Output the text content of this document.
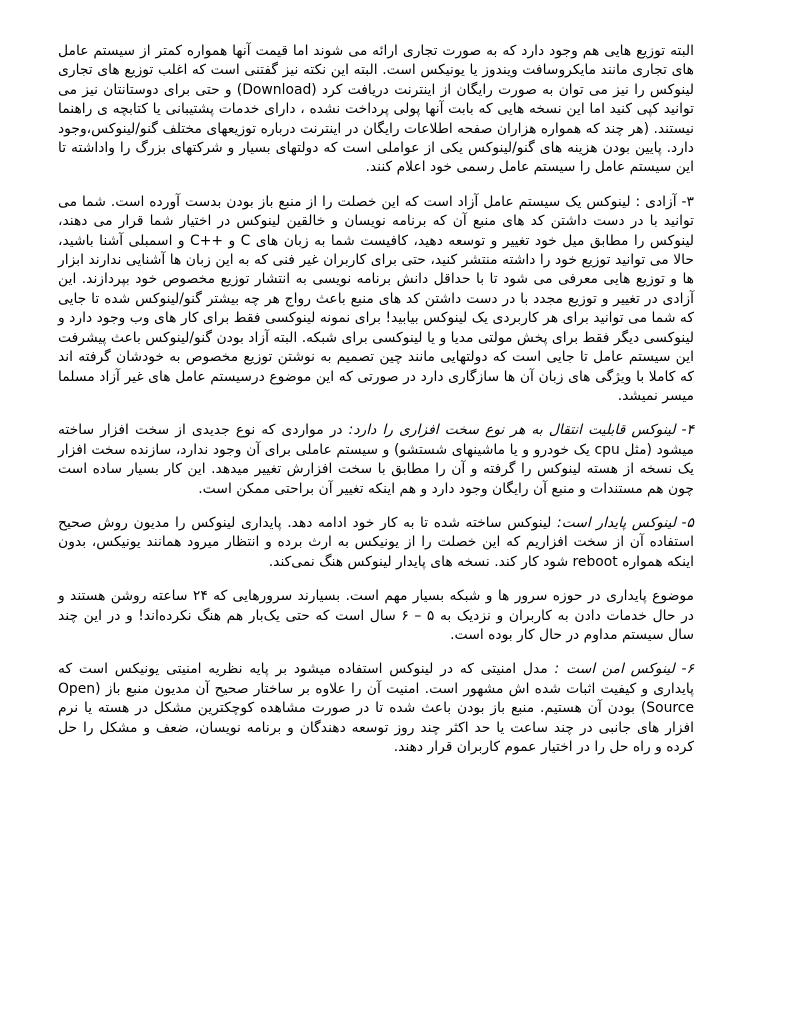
البته توزیع هایی هم وجود دارد که به صورت تجاری ارائه می شوند اما قیمت آنها همواره کمتر از سیستم عامل های تجاری مانند مایکروسافت ویندوز یا یونیکس است. البته این نکته نیز گفتنی است که اغلب توزیع های تجاری لینوکس را نیز می توان به صورت رایگان از اینترنت دریافت کرد (Download) و حتی برای دوستانتان نیز می توانید کپی کنید اما این نسخه هایی که بابت آنها پولی پرداخت نشده ، دارای خدمات پشتیبانی یا کتابچه ی راهنما نیستند. (هر چند که همواره هزاران صفحه اطلاعات رایگان در اینترنت درباره توزیعهای مختلف گنو/لینوکس،وجود دارد. پایین بودن هزینه های گنو/لینوکس یکی از عواملی است که دولتهای بسیار و شرکتهای بزرگ را واداشته تا این سیستم عامل را سیستم عامل رسمی خود اعلام کنند.

۳- آزادی : لینوکس یک سیستم عامل آزاد است که این خصلت را از منبع باز بودن بدست آورده است. شما می توانید با در دست داشتن کد های منبع آن که برنامه نویسان و خالقین لینوکس در اختیار شما قرار می دهند، لینوکس را مطابق میل خود تغییر و توسعه دهید، کافیست شما به زبان های C و ++C و اسمبلی آشنا باشید، حالا می توانید توزیع خود را داشته منتشر کنید، حتی برای کاربران غیر فنی که به این زبان ها آشنایی ندارند ابزار ها و توزیع هایی معرفی می شود تا با حداقل دانش برنامه نویسی به انتشار توزیع مخصوص خود بپردازند. این آزادی در تغییر و توزیع مجدد با در دست داشتن کد های منبع باعث رواج هر چه بیشتر گنو/لینوکس شده تا جایی که شما می توانید برای هر کاربردی یک لینوکس بیابید! برای نمونه لینوکسی فقط برای کار های وب وجود دارد و لینوکسی دیگر فقط برای پخش مولتی مدیا و یا لینوکسی برای شبکه. البته آزاد بودن گنو/لینوکس باعث پیشرفت این سیستم عامل تا جایی است که دولتهایی مانند چین تصمیم به نوشتن توزیع مخصوص به خودشان گرفته اند که کاملا با ویژگی های زبان آن ها سازگاری دارد در صورتی که این موضوع درسیستم عامل های غیر آزاد مسلما میسر نمیشد.

۴- لینوکس قابلیت انتقال به هر نوع سخت افزاری را دارد: در مواردی که نوع جدیدی از سخت افزار ساخته میشود (مثل cpu یک خودرو و یا ماشینهای شستشو) و سیستم عاملی برای آن وجود ندارد، سازنده سخت افزار یک نسخه از هسته لینوکس را گرفته و آن را مطابق با سخت افزارش تغییر میدهد. این کار بسیار ساده است چون هم مستندات و منبع آن رایگان وجود دارد و هم اینکه تغییر آن براحتی ممکن است.

۵- لینوکس پایدار است: لینوکس ساخته شده تا به کار خود ادامه دهد. پایداری لینوکس را مدیون روش صحیح استفاده آن از سخت افزاریم که این خصلت را از یونیکس به ارث برده و انتظار میرود همانند یونیکس، بدون اینکه همواره reboot شود کار کند. نسخه های پایدار لینوکس هنگ نمی‌کند.

موضوع پایداری در حوزه سرور ها و شبکه بسیار مهم است. بسیارند سرورهایی که ۲۴ ساعته روشن هستند و در حال خدمات دادن به کاربران و نزدیک به ۵ – ۶ سال است که حتی یک‌بار هم هنگ نکرده‌اند! و در این چند سال سیستم مداوم در حال کار بوده است.

۶- لینوکس امن است : مدل امنیتی که در لینوکس استفاده میشود بر پایه نظریه امنیتی یونیکس است که پایداری و کیفیت اثبات شده اش مشهور است. امنیت آن را علاوه بر ساختار صحیح آن مدیون منبع باز (Open Source) بودن آن هستیم. منبع باز بودن باعث شده تا در صورت مشاهده کوچکترین مشکل در هسته یا نرم افزار های جانبی در چند ساعت یا حد اکثر چند روز توسعه دهندگان و برنامه نویسان، ضعف و مشکل را حل کرده و راه حل را در اختیار عموم کاربران قرار دهند.
